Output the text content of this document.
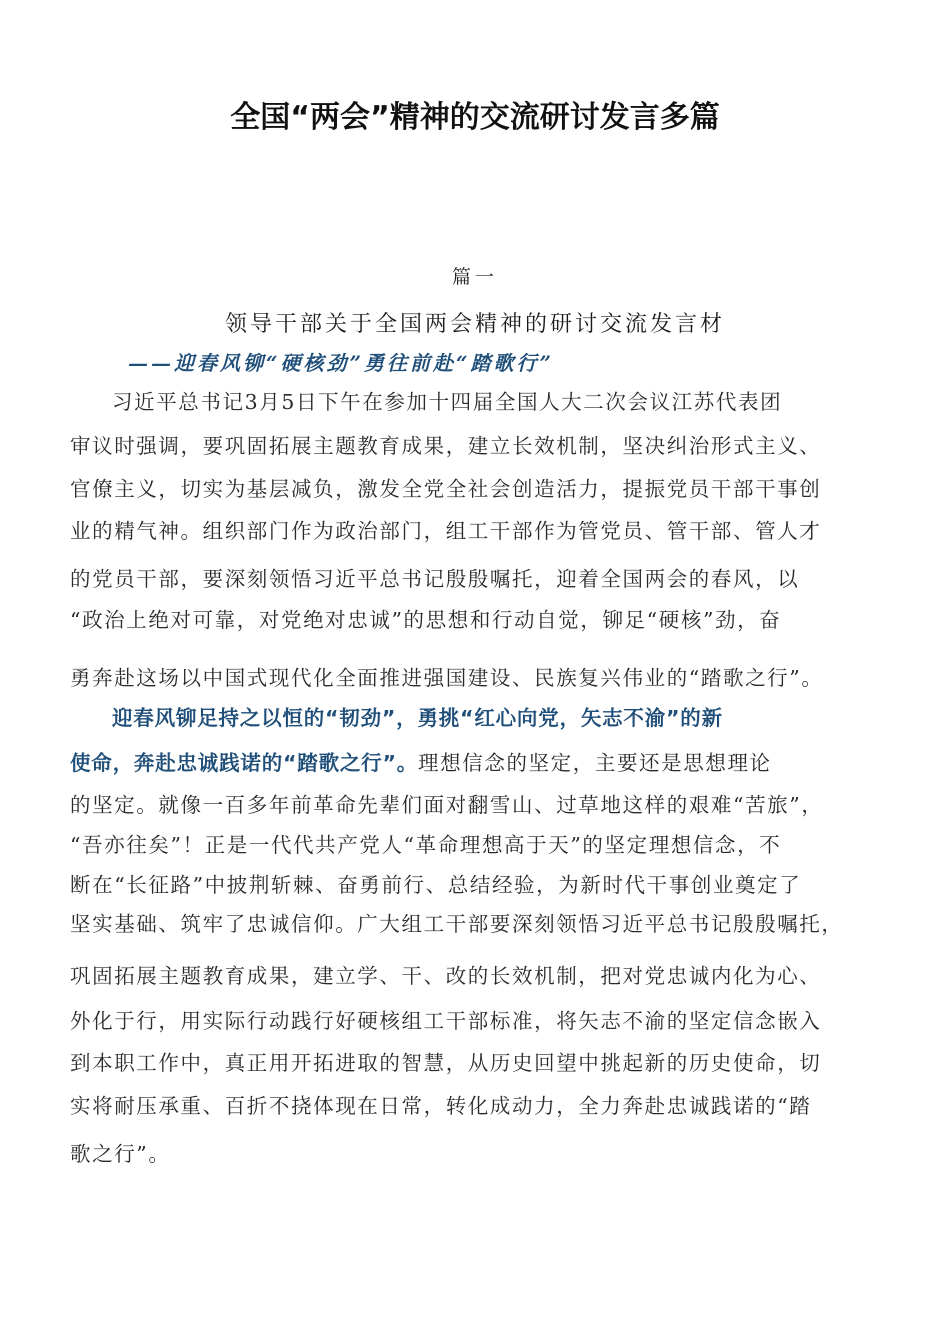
全国“两会”精神的交流研讨发言多篇
篇一
领导干部关于全国两会精神的研讨交流发言材
——迎春风铆“硬核劲”勇往前赴“踏歌行”
习近平总书记3月5日下午在参加十四届全国人大二次会议江苏代表团
审议时强调，要巩固拓展主题教育成果，建立长效机制，坚决纠治形式主义、
官僚主义，切实为基层减负，激发全党全社会创造活力，提振党员干部干事创
业的精气神。组织部门作为政治部门，组工干部作为管党员、管干部、管人才
的党员干部，要深刻领悟习近平总书记殷殷嘱托，迎着全国两会的春风，以
“政治上绝对可靠，对党绝对忠诚”的思想和行动自觉，铆足“硬核”劲，奋
勇奔赴这场以中国式现代化全面推进强国建设、民族复兴伟业的“踏歌之行”。
迎春风铆足持之以恒的“韧劲”，勇挑“红心向党，矢志不渝”的新
使命，奔赴忠诚践诺的“踏歌之行”。理想信念的坚定，主要还是思想理论
的坚定。就像一百多年前革命先辈们面对翻雪山、过草地这样的艰难“苦旅”，
“吾亦往矣”！正是一代代共产党人“革命理想高于天”的坚定理想信念，不
断在“长征路”中披荆斩棘、奋勇前行、总结经验，为新时代干事创业奠定了
坚实基础、筑牢了忠诚信仰。广大组工干部要深刻领悟习近平总书记殷殷嘱托，
巩固拓展主题教育成果，建立学、干、改的长效机制，把对党忠诚内化为心、
外化于行，用实际行动践行好硬核组工干部标准，将矢志不渝的坚定信念嵌入
到本职工作中，真正用开拓进取的智慧，从历史回望中挑起新的历史使命，切
实将耐压承重、百折不挠体现在日常，转化成动力，全力奔赴忠诚践诺的“踏
歌之行”。
